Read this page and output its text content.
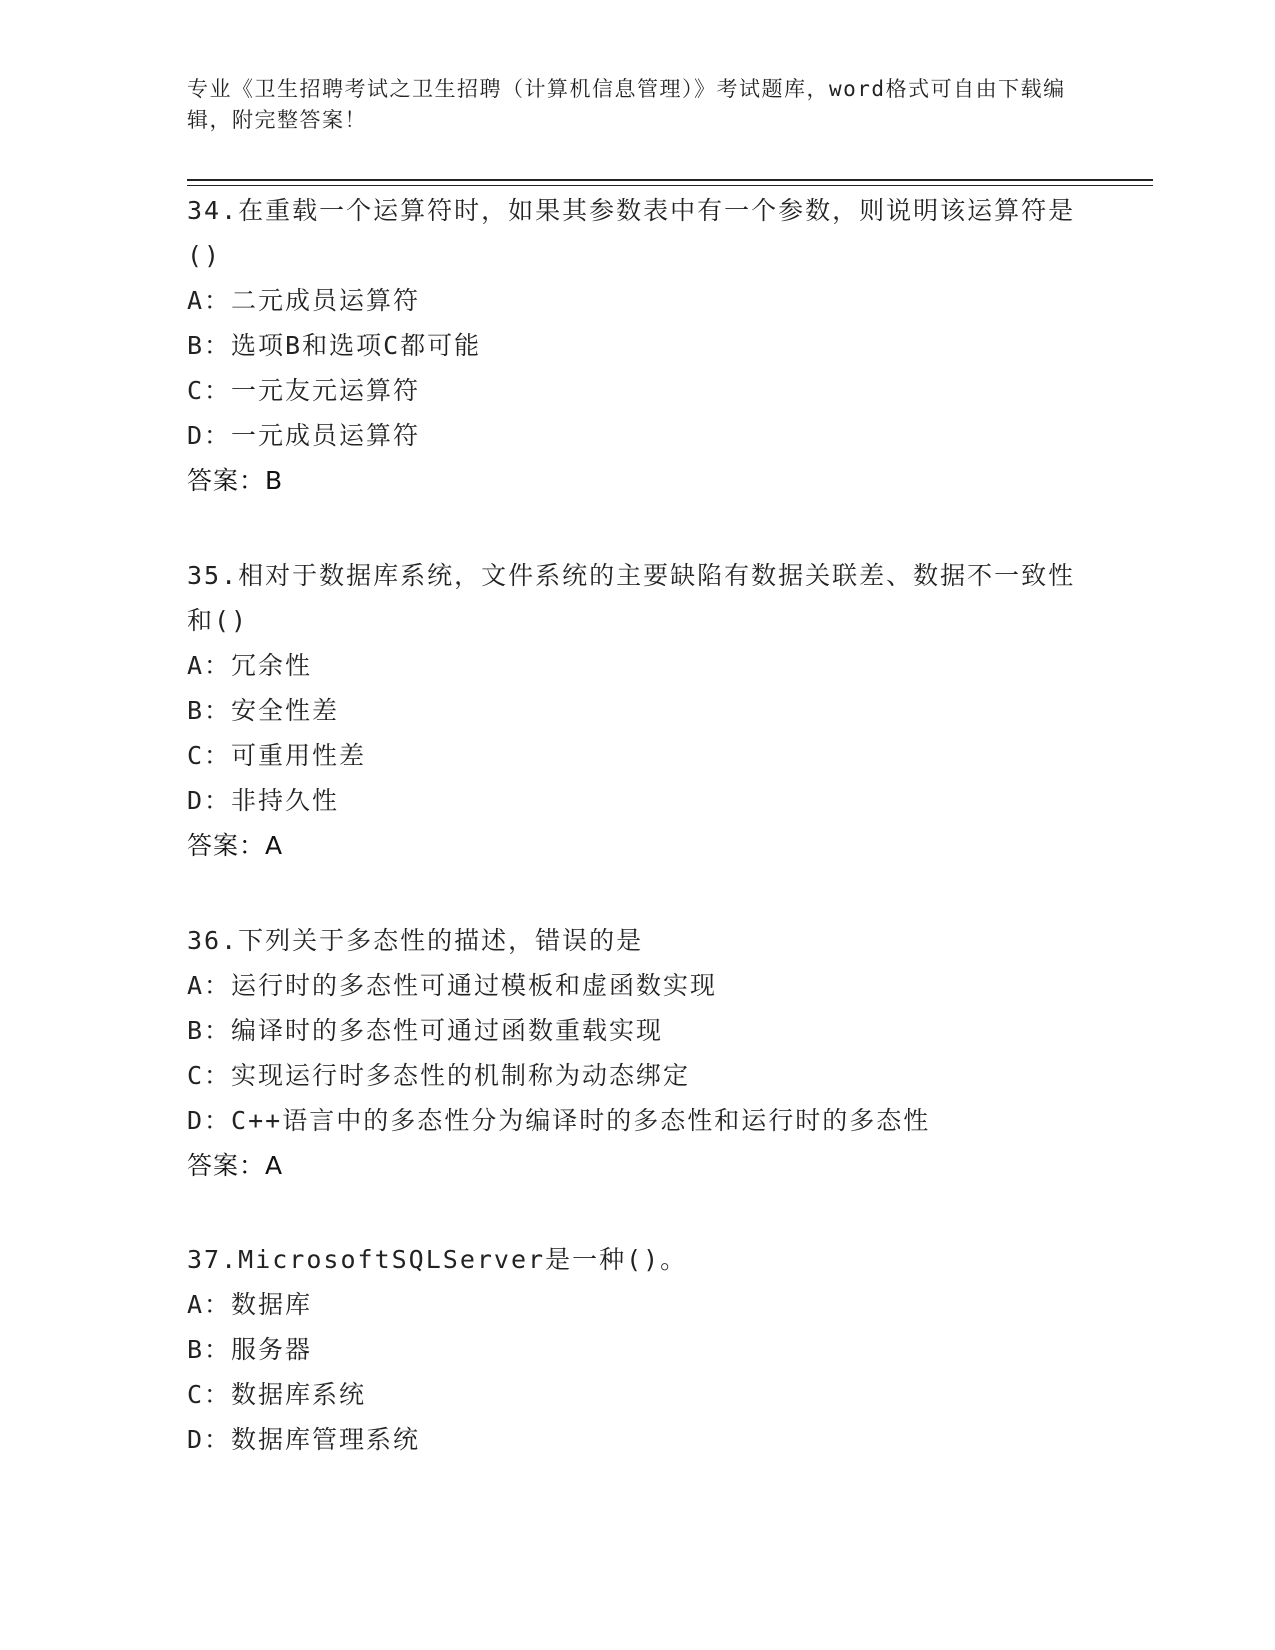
专业《卫生招聘考试之卫生招聘（计算机信息管理）》考试题库，word格式可自由下载编辑，附完整答案！

34.在重载一个运算符时，如果其参数表中有一个参数，则说明该运算符是()

A：二元成员运算符

B：选项B和选项C都可能

C：一元友元运算符

D：一元成员运算符

答案：B

35.相对于数据库系统，文件系统的主要缺陷有数据关联差、数据不一致性和()

A：冗余性

B：安全性差

C：可重用性差

D：非持久性

答案：A

36.下列关于多态性的描述，错误的是

A：运行时的多态性可通过模板和虚函数实现

B：编译时的多态性可通过函数重载实现

C：实现运行时多态性的机制称为动态绑定

D：C++语言中的多态性分为编译时的多态性和运行时的多态性

答案：A

37.MicrosoftSQLServer是一种()。

A：数据库

B：服务器

C：数据库系统

D：数据库管理系统
